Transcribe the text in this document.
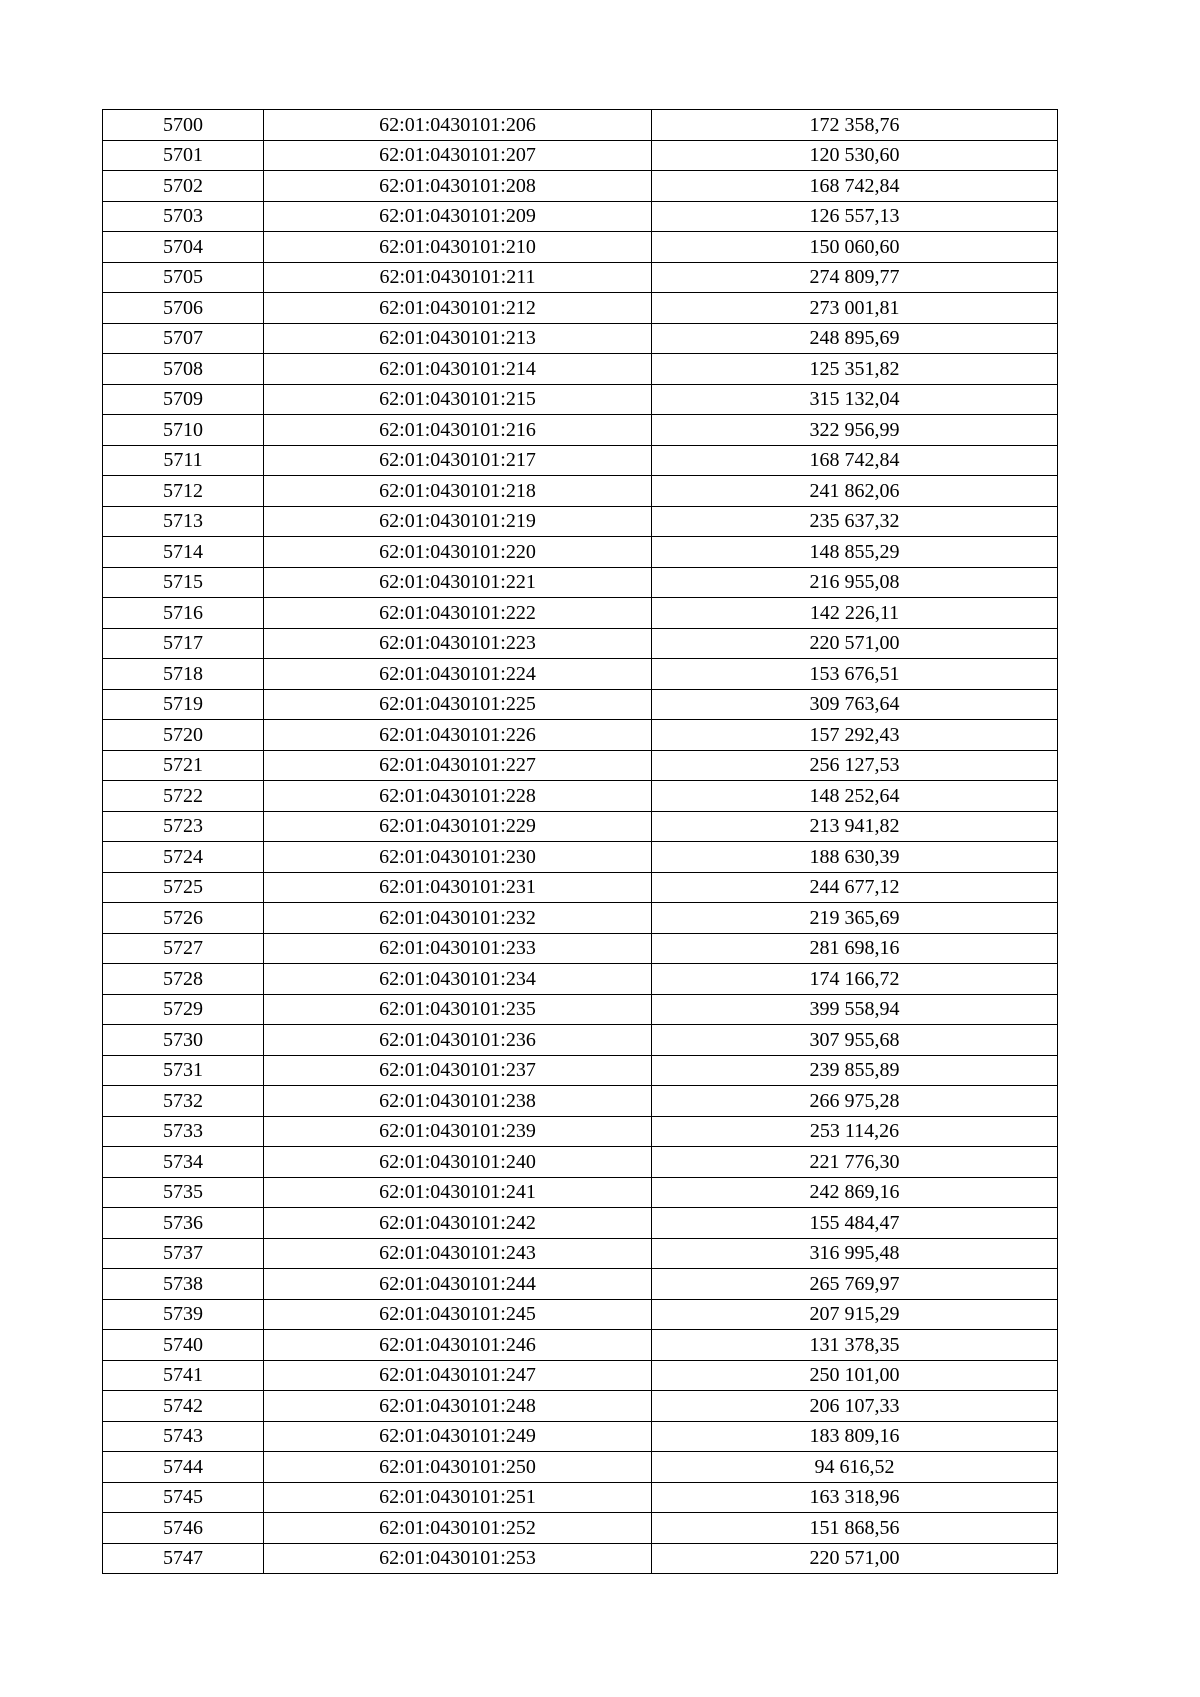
5700	62:01:0430101:206	172 358,76
5701	62:01:0430101:207	120 530,60
5702	62:01:0430101:208	168 742,84
5703	62:01:0430101:209	126 557,13
5704	62:01:0430101:210	150 060,60
5705	62:01:0430101:211	274 809,77
5706	62:01:0430101:212	273 001,81
5707	62:01:0430101:213	248 895,69
5708	62:01:0430101:214	125 351,82
5709	62:01:0430101:215	315 132,04
5710	62:01:0430101:216	322 956,99
5711	62:01:0430101:217	168 742,84
5712	62:01:0430101:218	241 862,06
5713	62:01:0430101:219	235 637,32
5714	62:01:0430101:220	148 855,29
5715	62:01:0430101:221	216 955,08
5716	62:01:0430101:222	142 226,11
5717	62:01:0430101:223	220 571,00
5718	62:01:0430101:224	153 676,51
5719	62:01:0430101:225	309 763,64
5720	62:01:0430101:226	157 292,43
5721	62:01:0430101:227	256 127,53
5722	62:01:0430101:228	148 252,64
5723	62:01:0430101:229	213 941,82
5724	62:01:0430101:230	188 630,39
5725	62:01:0430101:231	244 677,12
5726	62:01:0430101:232	219 365,69
5727	62:01:0430101:233	281 698,16
5728	62:01:0430101:234	174 166,72
5729	62:01:0430101:235	399 558,94
5730	62:01:0430101:236	307 955,68
5731	62:01:0430101:237	239 855,89
5732	62:01:0430101:238	266 975,28
5733	62:01:0430101:239	253 114,26
5734	62:01:0430101:240	221 776,30
5735	62:01:0430101:241	242 869,16
5736	62:01:0430101:242	155 484,47
5737	62:01:0430101:243	316 995,48
5738	62:01:0430101:244	265 769,97
5739	62:01:0430101:245	207 915,29
5740	62:01:0430101:246	131 378,35
5741	62:01:0430101:247	250 101,00
5742	62:01:0430101:248	206 107,33
5743	62:01:0430101:249	183 809,16
5744	62:01:0430101:250	94 616,52
5745	62:01:0430101:251	163 318,96
5746	62:01:0430101:252	151 868,56
5747	62:01:0430101:253	220 571,00
